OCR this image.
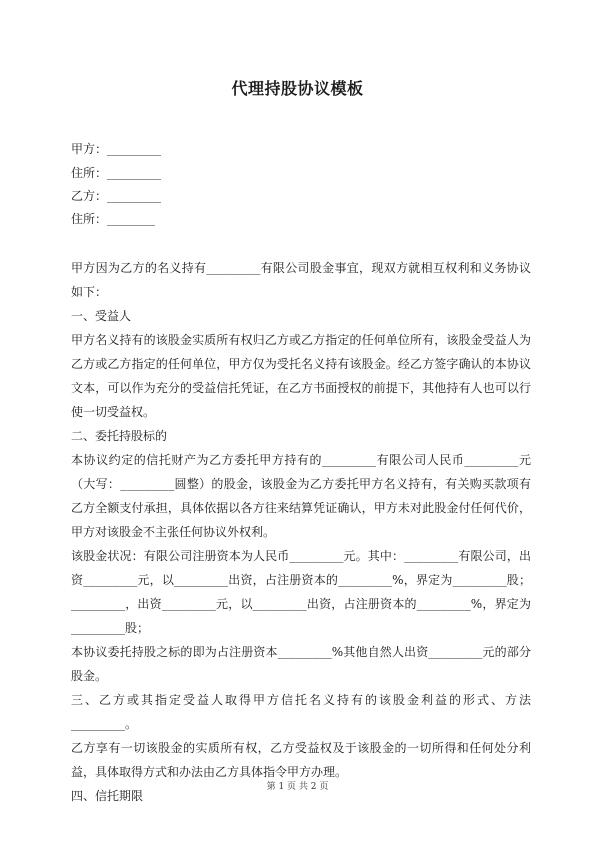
代理持股协议模板
甲方：_________
住所：_________
乙方：_________
住所：________

甲方因为乙方的名义持有_________有限公司股金事宜，现双方就相互权利和义务协议如下：

一、受益人

甲方名义持有的该股金实质所有权归乙方或乙方指定的任何单位所有，该股金受益人为乙方或乙方指定的任何单位，甲方仅为受托名义持有该股金。经乙方签字确认的本协议文本，可以作为充分的受益信托凭证，在乙方书面授权的前提下，其他持有人也可以行使一切受益权。

二、委托持股标的

本协议约定的信托财产为乙方委托甲方持有的_________有限公司人民币_________元（大写：_________圆整）的股金，该股金为乙方委托甲方名义持有，有关购买款项有乙方全额支付承担，具体依据以各方往来结算凭证确认，甲方未对此股金付任何代价，甲方对该股金不主张任何协议外权利。

该股金状况：有限公司注册资本为人民币_________元。其中：_________有限公司，出资_________元，以_________出资，占注册资本的_________%，界定为_________股；_________，出资_________元，以_________出资，占注册资本的_________%，界定为_________股；

本协议委托持股之标的即为占注册资本_________%其他自然人出资_________元的部分股金。

三、乙方或其指定受益人取得甲方信托名义持有的该股金利益的形式、方法_________。

乙方享有一切该股金的实质所有权，乙方受益权及于该股金的一切所得和任何处分利益，具体取得方式和办法由乙方具体指令甲方办理。

四、信托期限

第 1 页 共 2 页
